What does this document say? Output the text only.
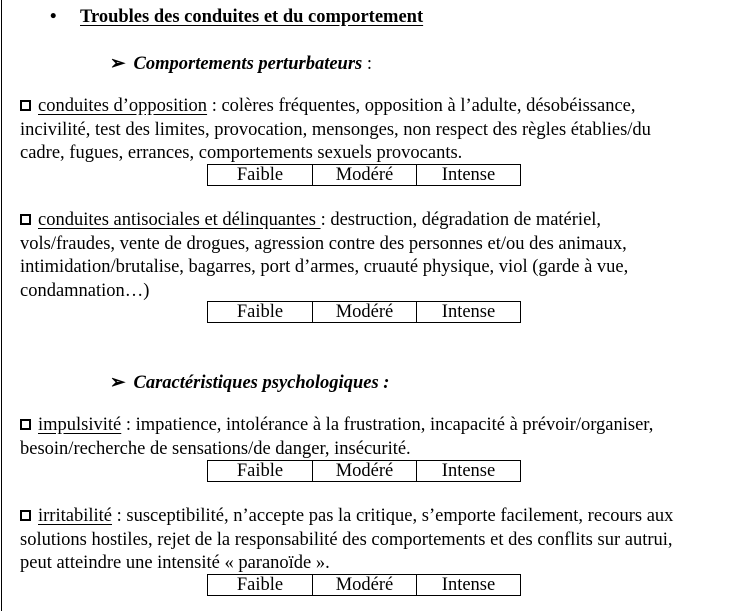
• Troubles des conduites et du comportement
➢ Comportements perturbateurs :
conduites d’opposition : colères fréquentes, opposition à l’adulte, désobéissance,
incivilité, test des limites, provocation, mensonges, non respect des règles établies/du
cadre, fugues, errances, comportements sexuels provocants.
Faible	Modéré	Intense
conduites antisociales et délinquantes : destruction, dégradation de matériel,
vols/fraudes, vente de drogues, agression contre des personnes et/ou des animaux,
intimidation/brutalise, bagarres, port d’armes, cruauté physique, viol (garde à vue,
condamnation…)
Faible	Modéré	Intense
➢ Caractéristiques psychologiques :
impulsivité : impatience, intolérance à la frustration, incapacité à prévoir/organiser,
besoin/recherche de sensations/de danger, insécurité.
Faible	Modéré	Intense
irritabilité : susceptibilité, n’accepte pas la critique, s’emporte facilement, recours aux
solutions hostiles, rejet de la responsabilité des comportements et des conflits sur autrui,
peut atteindre une intensité « paranoïde ».
Faible	Modéré	Intense
